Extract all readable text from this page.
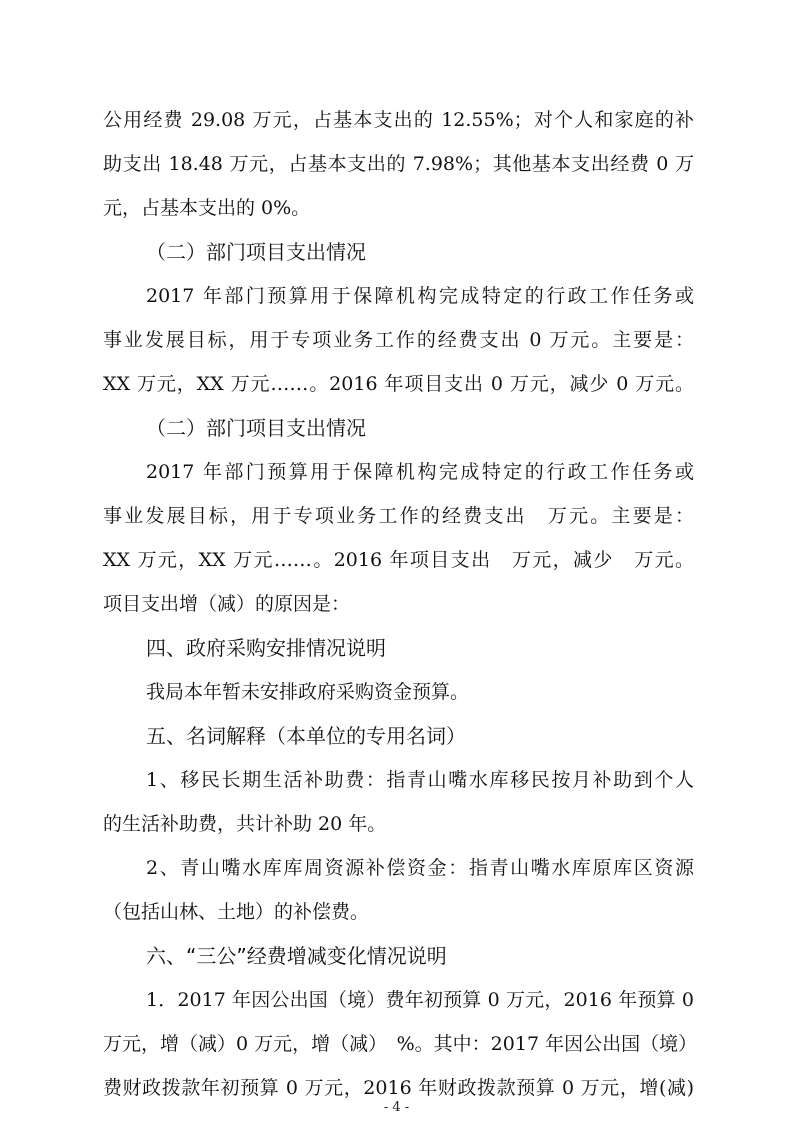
公用经费 29.08 万元，占基本支出的 12.55%；对个人和家庭的补
助支出 18.48 万元，占基本支出的 7.98%；其他基本支出经费 0 万
元，占基本支出的 0%。
（二）部门项目支出情况
2017 年部门预算用于保障机构完成特定的行政工作任务或
事业发展目标，用于专项业务工作的经费支出 0 万元。主要是：
XX 万元，XX 万元……。2016 年项目支出 0 万元，减少 0 万元。
（二）部门项目支出情况
2017 年部门预算用于保障机构完成特定的行政工作任务或
事业发展目标，用于专项业务工作的经费支出　万元。主要是：
XX 万元，XX 万元……。2016 年项目支出　万元，减少　万元。
项目支出增（减）的原因是：
四、政府采购安排情况说明
我局本年暂未安排政府采购资金预算。
五、名词解释（本单位的专用名词）
1、移民长期生活补助费：指青山嘴水库移民按月补助到个人
的生活补助费，共计补助 20 年。
2、青山嘴水库库周资源补偿资金：指青山嘴水库原库区资源
（包括山林、土地）的补偿费。
六、“三公”经费增减变化情况说明
1．2017 年因公出国（境）费年初预算 0 万元，2016 年预算 0
万元，增（减）0 万元，增（减）　%。其中：2017 年因公出国（境）
费财政拨款年初预算 0 万元，2016 年财政拨款预算 0 万元，增(减)
- 4 -
